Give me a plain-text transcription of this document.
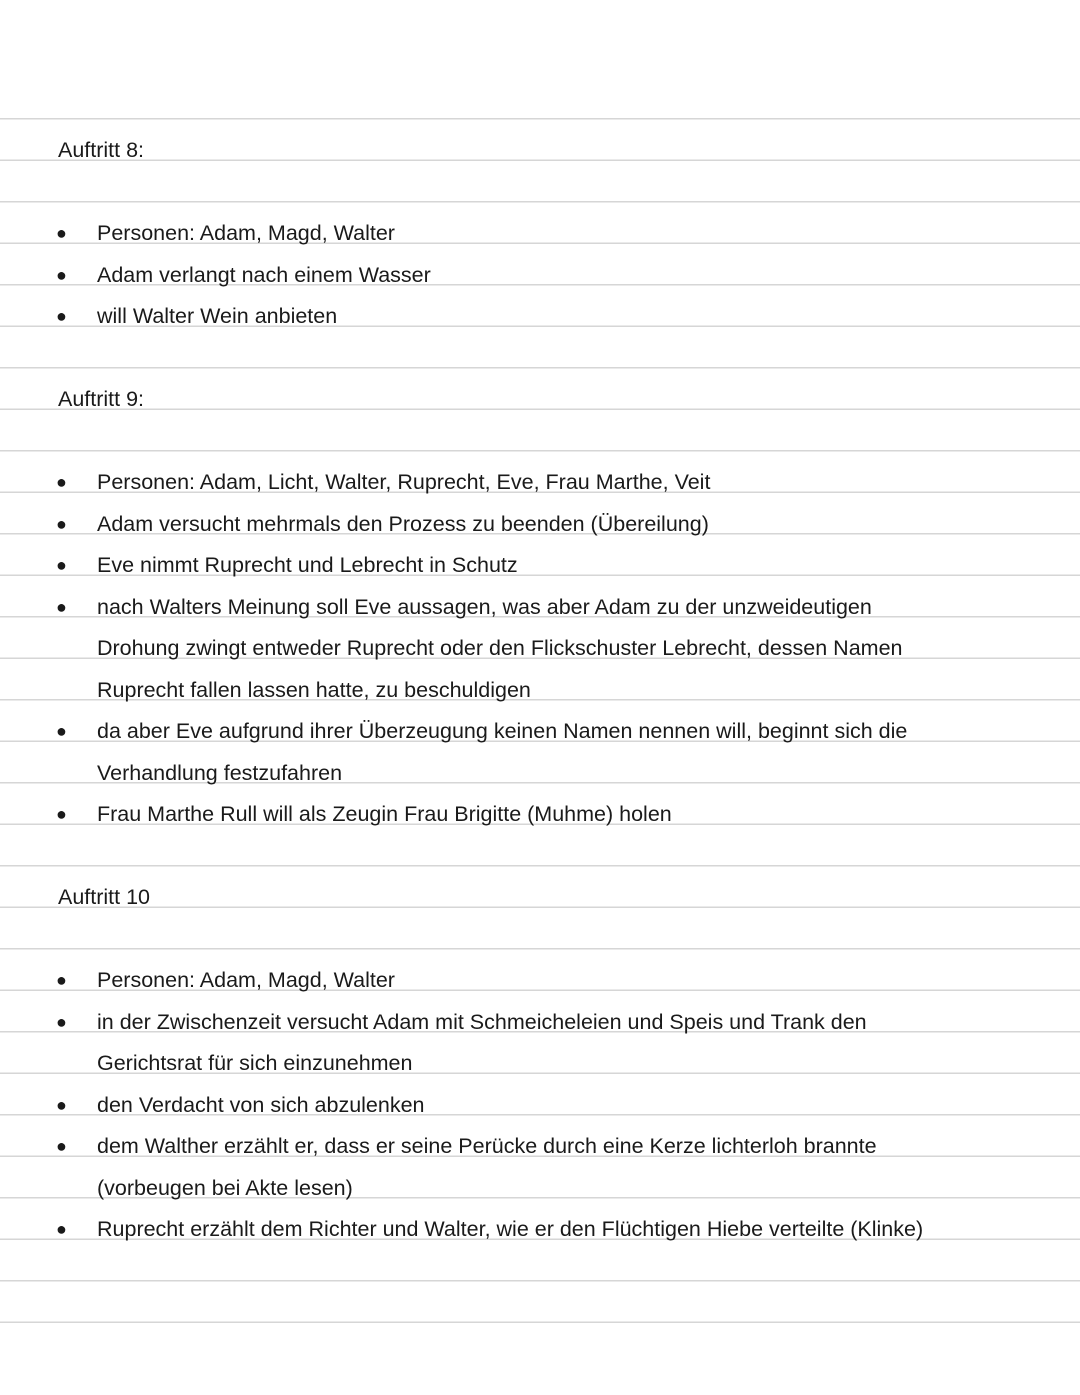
Auftritt 8:
● Personen: Adam, Magd, Walter
● Adam verlangt nach einem Wasser
● will Walter Wein anbieten
Auftritt 9:
● Personen: Adam, Licht, Walter, Ruprecht, Eve, Frau Marthe, Veit
● Adam versucht mehrmals den Prozess zu beenden (Übereilung)
● Eve nimmt Ruprecht und Lebrecht in Schutz
● nach Walters Meinung soll Eve aussagen, was aber Adam zu der unzweideutigen
Drohung zwingt entweder Ruprecht oder den Flickschuster Lebrecht, dessen Namen
Ruprecht fallen lassen hatte, zu beschuldigen
● da aber Eve aufgrund ihrer Überzeugung keinen Namen nennen will, beginnt sich die
Verhandlung festzufahren
● Frau Marthe Rull will als Zeugin Frau Brigitte (Muhme) holen
Auftritt 10
● Personen: Adam, Magd, Walter
● in der Zwischenzeit versucht Adam mit Schmeicheleien und Speis und Trank den
Gerichtsrat für sich einzunehmen
● den Verdacht von sich abzulenken
● dem Walther erzählt er, dass er seine Perücke durch eine Kerze lichterloh brannte
(vorbeugen bei Akte lesen)
● Ruprecht erzählt dem Richter und Walter, wie er den Flüchtigen Hiebe verteilte (Klinke)
